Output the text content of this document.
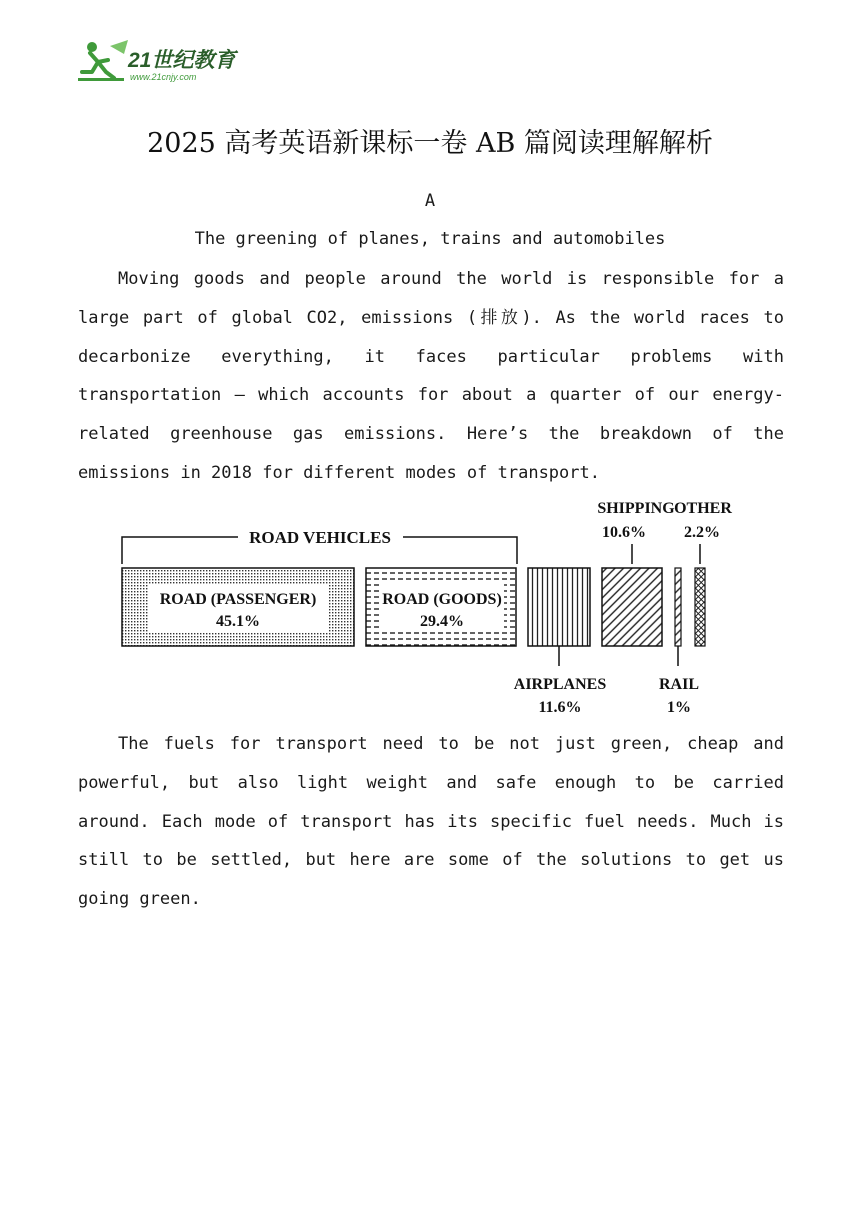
21世纪教育
www.21cnjy.com
2025 高考英语新课标一卷 AB 篇阅读理解解析
A
The greening of planes, trains and automobiles

Moving goods and people around the world is responsible for a large part of global CO2, emissions (排放). As the world races to decarbonize everything, it faces particular problems with transportation — which accounts for about a quarter of our energy-related greenhouse gas emissions. Here’s the breakdown of the emissions in 2018 for different modes of transport.

ROAD VEHICLES
ROAD (PASSENGER)
45.1%
ROAD (GOODS)
29.4%
AIRPLANES
11.6%
SHIPPING
10.6%
OTHER
2.2%
RAIL
1%

The fuels for transport need to be not just green, cheap and powerful, but also light weight and safe enough to be carried around. Each mode of transport has its specific fuel needs. Much is still to be settled, but here are some of the solutions to get us going green.
